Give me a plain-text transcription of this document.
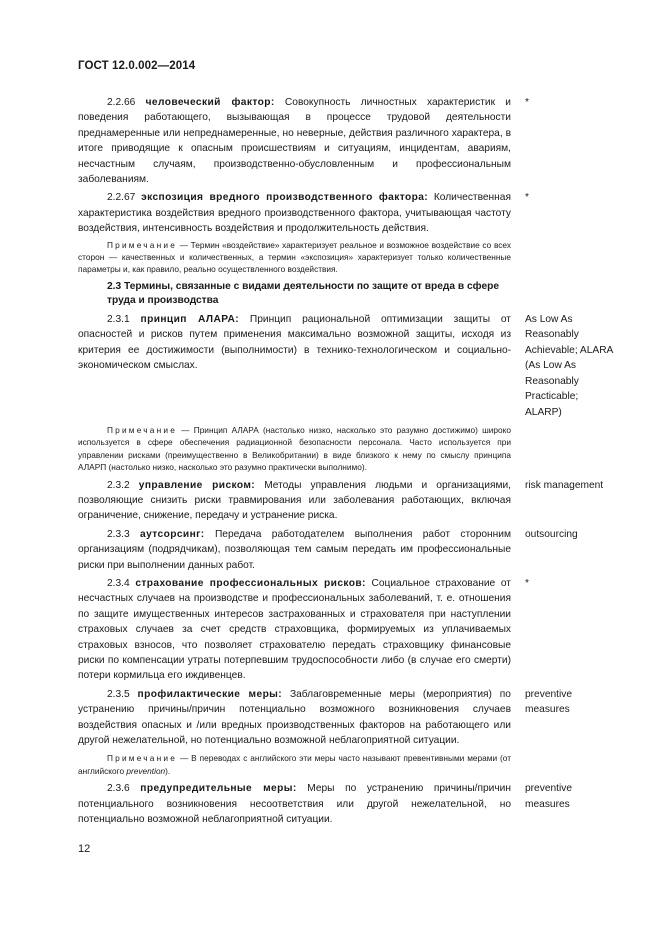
ГОСТ 12.0.002—2014
2.2.66 человеческий фактор: Совокупность личностных характеристик и поведения работающего, вызывающая в процессе трудовой деятельности преднамеренные или непреднамеренные, но неверные, действия различного характера, в итоге приводящие к опасным происшествиям и ситуациям, инцидентам, авариям, несчастным случаям, производственно-обусловленным и профессиональным заболеваниям.
*
2.2.67 экспозиция вредного производственного фактора: Количественная характеристика воздействия вредного производственного фактора, учитывающая частоту воздействия, интенсивность воздействия и продолжительность действия.
*
Примечание — Термин «воздействие» характеризует реальное и возможное воздействие со всех сторон — качественных и количественных, а термин «экспозиция» характеризует только количественные параметры и, как правило, реально осуществленного воздействия.
2.3 Термины, связанные с видами деятельности по защите от вреда в сфере труда и производства
2.3.1 принцип АЛАРА: Принцип рациональной оптимизации защиты от опасностей и рисков путем применения максимально возможной защиты, исходя из критерия ее достижимости (выполнимости) в технико-технологическом и социально-экономическом смыслах.
As Low As Reasonably Achievable; ALARA (As Low As Reasonably Practicable; ALARP)
Примечание — Принцип АЛАРА (настолько низко, насколько это разумно достижимо) широко используется в сфере обеспечения радиационной безопасности персонала. Часто используется при управлении рисками (преимущественно в Великобритании) в виде близкого к нему по смыслу принципа АЛАРП (настолько низко, насколько это разумно практически выполнимо).
2.3.2 управление риском: Методы управления людьми и организациями, позволяющие снизить риски травмирования или заболевания работающих, включая ограничение, снижение, передачу и устранение риска.
risk management
2.3.3 аутсорсинг: Передача работодателем выполнения работ сторонним организациям (подрядчикам), позволяющая тем самым передать им профессиональные риски при выполнении данных работ.
outsourcing
2.3.4 страхование профессиональных рисков: Социальное страхование от несчастных случаев на производстве и профессиональных заболеваний, т. е. отношения по защите имущественных интересов застрахованных и страхователя при наступлении страховых случаев за счет средств страховщика, формируемых из уплачиваемых страховых взносов, что позволяет страхователю передать страховщику финансовые риски по компенсации утраты потерпевшим трудоспособности либо (в случае его смерти) потери кормильца его иждивенцев.
*
2.3.5 профилактические меры: Заблаговременные меры (мероприятия) по устранению причины/причин потенциально возможного возникновения случаев воздействия опасных и /или вредных производственных факторов на работающего или другой нежелательной, но потенциально возможной неблагоприятной ситуации.
preventive measures
Примечание — В переводах с английского эти меры часто называют превентивными мерами (от английского prevention).
2.3.6 предупредительные меры: Меры по устранению причины/причин потенциального возникновения несоответствия или другой нежелательной, но потенциально возможной неблагоприятной ситуации.
preventive measures
12
